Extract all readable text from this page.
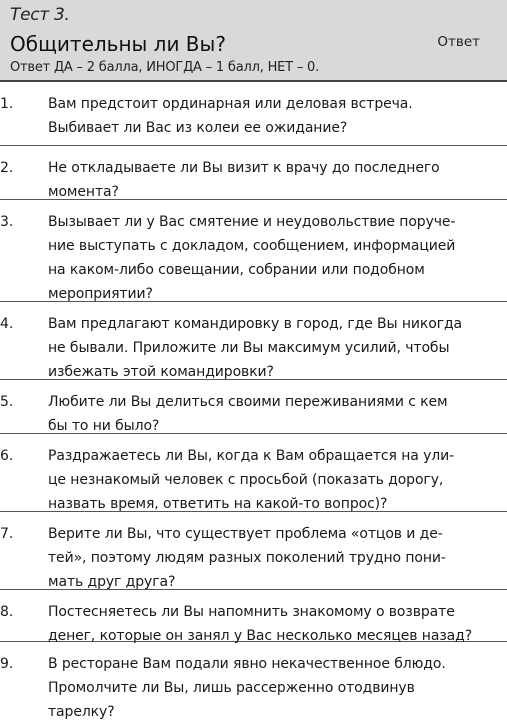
Тест 3.
Общительны ли Вы?
Ответ ДА – 2 балла, ИНОГДА – 1 балл, НЕТ – 0.
Ответ
1. Вам предстоит ординарная или деловая встреча.
Выбивает ли Вас из колеи ее ожидание?
2. Не откладываете ли Вы визит к врачу до последнего
момента?
3. Вызывает ли у Вас смятение и неудовольствие поруче-
ние выступать с докладом, сообщением, информацией
на каком-либо совещании, собрании или подобном
мероприятии?
4. Вам предлагают командировку в город, где Вы никогда
не бывали. Приложите ли Вы максимум усилий, чтобы
избежать этой командировки?
5. Любите ли Вы делиться своими переживаниями с кем
бы то ни было?
6. Раздражаетесь ли Вы, когда к Вам обращается на ули-
це незнакомый человек с просьбой (показать дорогу,
назвать время, ответить на какой-то вопрос)?
7. Верите ли Вы, что существует проблема «отцов и де-
тей», поэтому людям разных поколений трудно пони-
мать друг друга?
8. Постесняетесь ли Вы напомнить знакомому о возврате
денег, которые он занял у Вас несколько месяцев назад?
9. В ресторане Вам подали явно некачественное блюдо.
Промолчите ли Вы, лишь рассерженно отодвинув тарелку?
